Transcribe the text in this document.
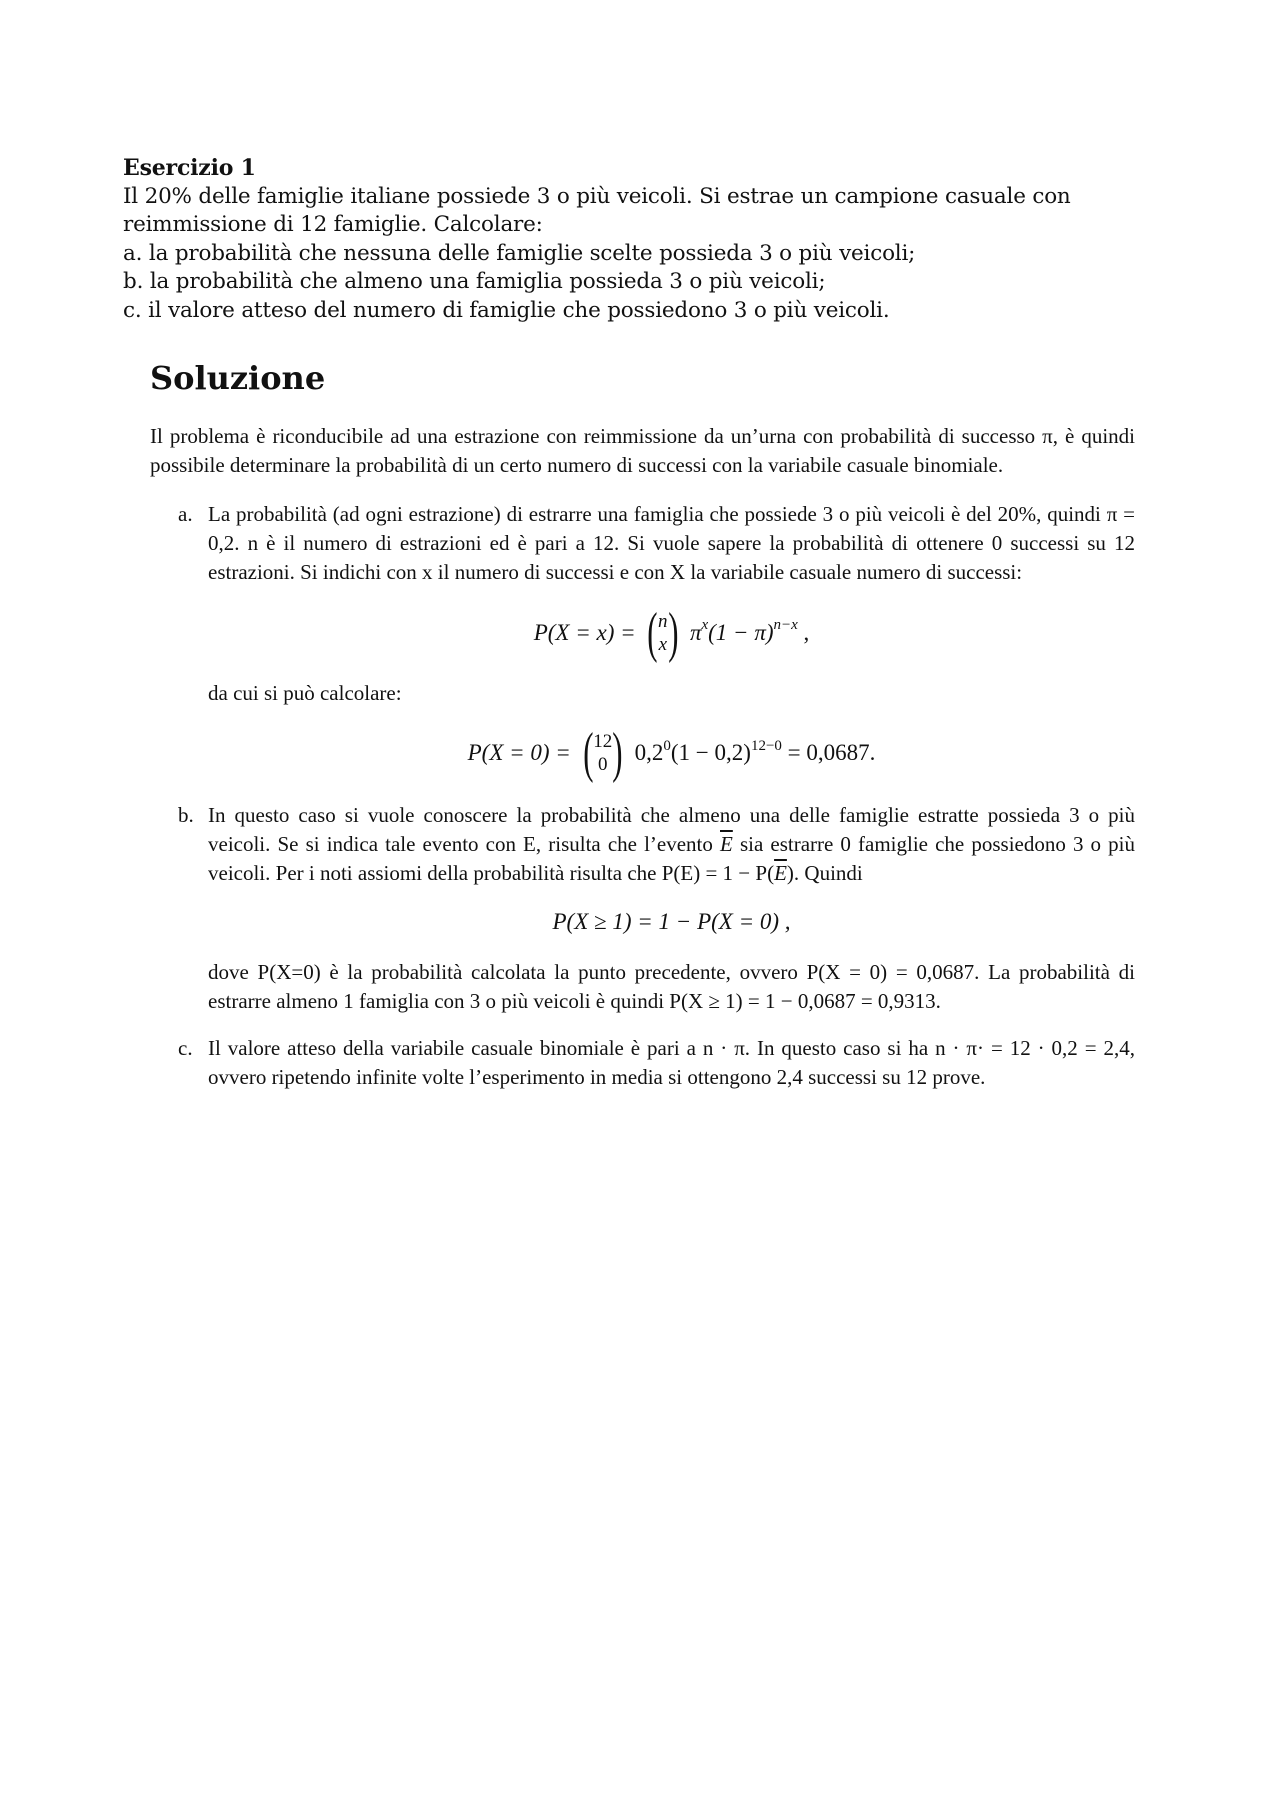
Esercizio 1
Il 20% delle famiglie italiane possiede 3 o più veicoli. Si estrae un campione casuale con
reimmissione di 12 famiglie. Calcolare:
a. la probabilità che nessuna delle famiglie scelte possieda 3 o più veicoli;
b. la probabilità che almeno una famiglia possieda 3 o più veicoli;
c. il valore atteso del numero di famiglie che possiedono 3 o più veicoli.
Soluzione

Il problema è riconducibile ad una estrazione con reimmissione da un’urna con probabilità di successo π, è quindi possibile determinare la probabilità di un certo numero di successi con la variabile casuale binomiale.

a. La probabilità (ad ogni estrazione) di estrarre una famiglia che possiede 3 o più veicoli è del 20%, quindi π = 0,2. n è il numero di estrazioni ed è pari a 12. Si vuole sapere la probabilità di ottenere 0 successi su 12 estrazioni. Si indichi con x il numero di successi e con X la variabile casuale numero di successi:

P(X = x) = ( n
x ) $\pi^x(1 - \pi)^{n-x}$ ,

da cui si può calcolare:

P(X = 0) = ( 12
0 ) $0,2^0(1 - 0,2)^{12-0} = 0,0687$.
b. In questo caso si vuole conoscere la probabilità che almeno una delle famiglie estratte possieda 3 o più veicoli. Se si indica tale evento con E, risulta che l’evento $\overline{E}$ sia estrarre 0 famiglie che possiedono 3 o più veicoli. Per i noti assiomi della probabilità risulta che $P(E) = 1 - P(\overline{E})$. Quindi

P(X ≥ 1) = 1 − P(X = 0) ,

dove P(X=0) è la probabilità calcolata la punto precedente, ovvero P(X = 0) = 0,0687. La probabilità di estrarre almeno 1 famiglia con 3 o più veicoli è quindi P(X ≥ 1) = 1 − 0,0687 = 0,9313.

c. Il valore atteso della variabile casuale binomiale è pari a n · π. In questo caso si ha n · π· = 12 · 0,2 = 2,4, ovvero ripetendo infinite volte l’esperimento in media si ottengono 2,4 successi su 12 prove.
